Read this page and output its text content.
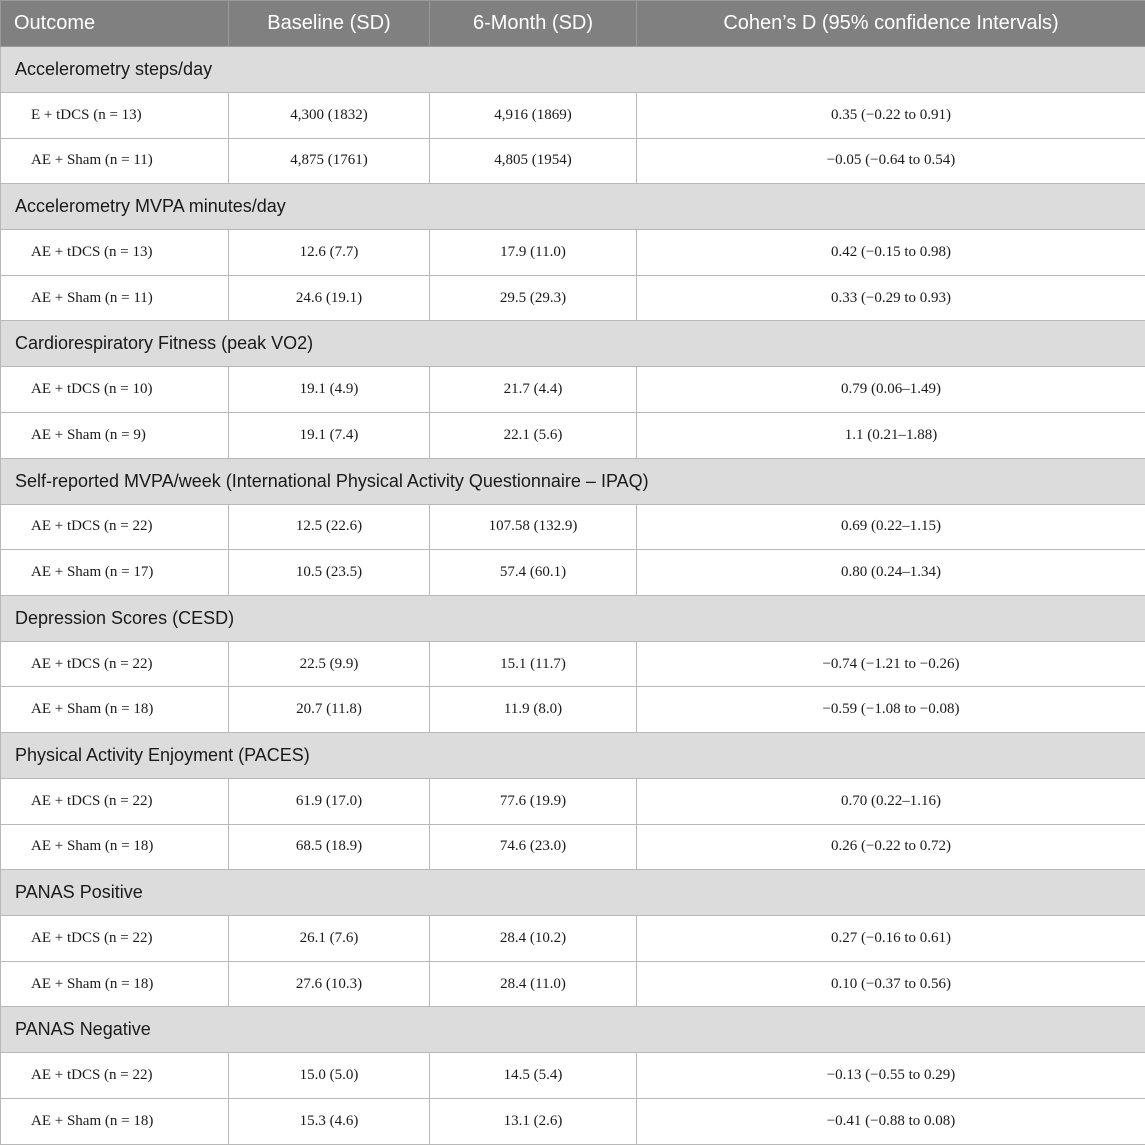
Outcome	Baseline (SD)	6-Month (SD)	Cohen’s D (95% confidence Intervals)
Accelerometry steps/day			
E + tDCS (n = 13)	4,300 (1832)	4,916 (1869)	0.35 (−0.22 to 0.91)
AE + Sham (n = 11)	4,875 (1761)	4,805 (1954)	−0.05 (−0.64 to 0.54)
Accelerometry MVPA minutes/day			
AE + tDCS (n = 13)	12.6 (7.7)	17.9 (11.0)	0.42 (−0.15 to 0.98)
AE + Sham (n = 11)	24.6 (19.1)	29.5 (29.3)	0.33 (−0.29 to 0.93)
Cardiorespiratory Fitness (peak VO2)			
AE + tDCS (n = 10)	19.1 (4.9)	21.7 (4.4)	0.79 (0.06–1.49)
AE + Sham (n = 9)	19.1 (7.4)	22.1 (5.6)	1.1 (0.21–1.88)
Self-reported MVPA/week (International Physical Activity Questionnaire – IPAQ)			
AE + tDCS (n = 22)	12.5 (22.6)	107.58 (132.9)	0.69 (0.22–1.15)
AE + Sham (n = 17)	10.5 (23.5)	57.4 (60.1)	0.80 (0.24–1.34)
Depression Scores (CESD)			
AE + tDCS (n = 22)	22.5 (9.9)	15.1 (11.7)	−0.74 (−1.21 to −0.26)
AE + Sham (n = 18)	20.7 (11.8)	11.9 (8.0)	−0.59 (−1.08 to −0.08)
Physical Activity Enjoyment (PACES)			
AE + tDCS (n = 22)	61.9 (17.0)	77.6 (19.9)	0.70 (0.22–1.16)
AE + Sham (n = 18)	68.5 (18.9)	74.6 (23.0)	0.26 (−0.22 to 0.72)
PANAS Positive			
AE + tDCS (n = 22)	26.1 (7.6)	28.4 (10.2)	0.27 (−0.16 to 0.61)
AE + Sham (n = 18)	27.6 (10.3)	28.4 (11.0)	0.10 (−0.37 to 0.56)
PANAS Negative			
AE + tDCS (n = 22)	15.0 (5.0)	14.5 (5.4)	−0.13 (−0.55 to 0.29)
AE + Sham (n = 18)	15.3 (4.6)	13.1 (2.6)	−0.41 (−0.88 to 0.08)
